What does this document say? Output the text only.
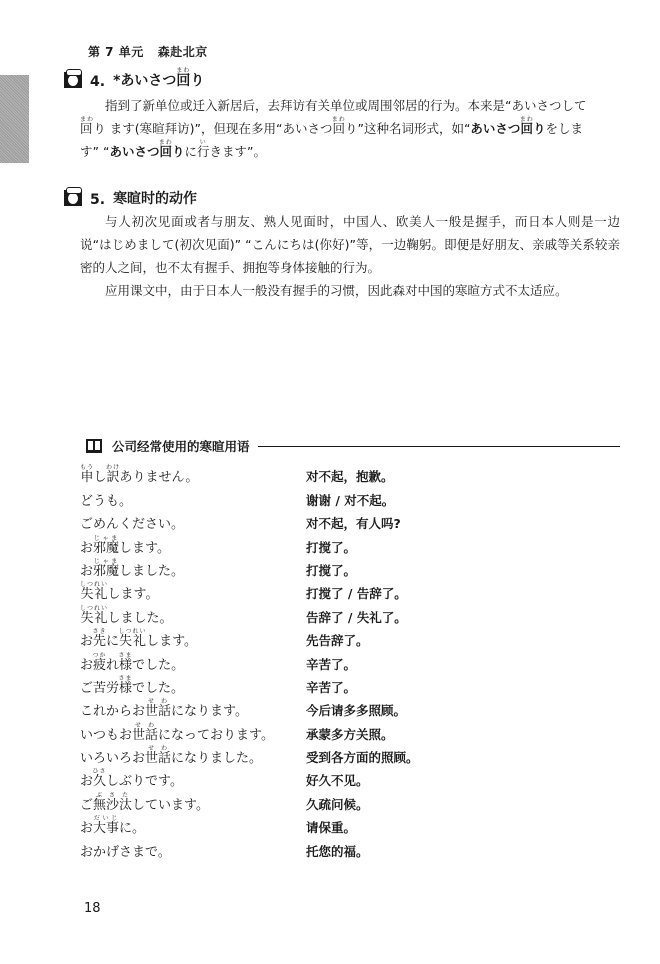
第 7 单元 森赴北京
4. *あいさつ 回まわ
り

指到了新单位或迁入新居后，去拜访有关单位或周围邻居的行为。本来是“あいさつして
回まわり ます(寒暄拜访)”，但现在多用“あいさつ回まわり”这种名词形式，如“あいさつ回まわりをしま
す” “あいさつ回まわりに行いきます”。

5. 寒暄时的动作

与人初次见面或者与朋友、熟人见面时，中国人、欧美人一般是握手，而日本人则是一边说“はじめまして(初次见面)” “こんにちは(你好)”等，一边鞠躬。即便是好朋友、亲戚等关系较亲密的人之间，也不太有握手、拥抱等身体接触的行为。

应用课文中，由于日本人一般没有握手的习惯，因此森对中国的寒暄方式不太适应。

公司经常使用的寒暄用语
申もうし訳わけありません。	对不起，抱歉。
どうも。	谢谢 / 对不起。
ごめんください。	对不起，有人吗?
お邪魔じゃまします。	打搅了。
お邪魔じゃましました。	打搅了。
失礼しつれいします。	打搅了 / 告辞了。
失礼しつれいしました。	告辞了 / 失礼了。
お先さきに失礼しつれいします。	先告辞了。
お疲つかれ様さまでした。	辛苦了。
ご苦労様さまでした。	辛苦了。
これからお世話せわになります。	今后请多多照顾。
いつもお世話せわになっております。	承蒙多方关照。
いろいろお世話せわになりました。	受到各方面的照顾。
お久ひさしぶりです。	好久不见。
ご無沙汰ぶさたしています。	久疏问候。
お大事だいじに。	请保重。
おかげさまで。	托您的福。
18
